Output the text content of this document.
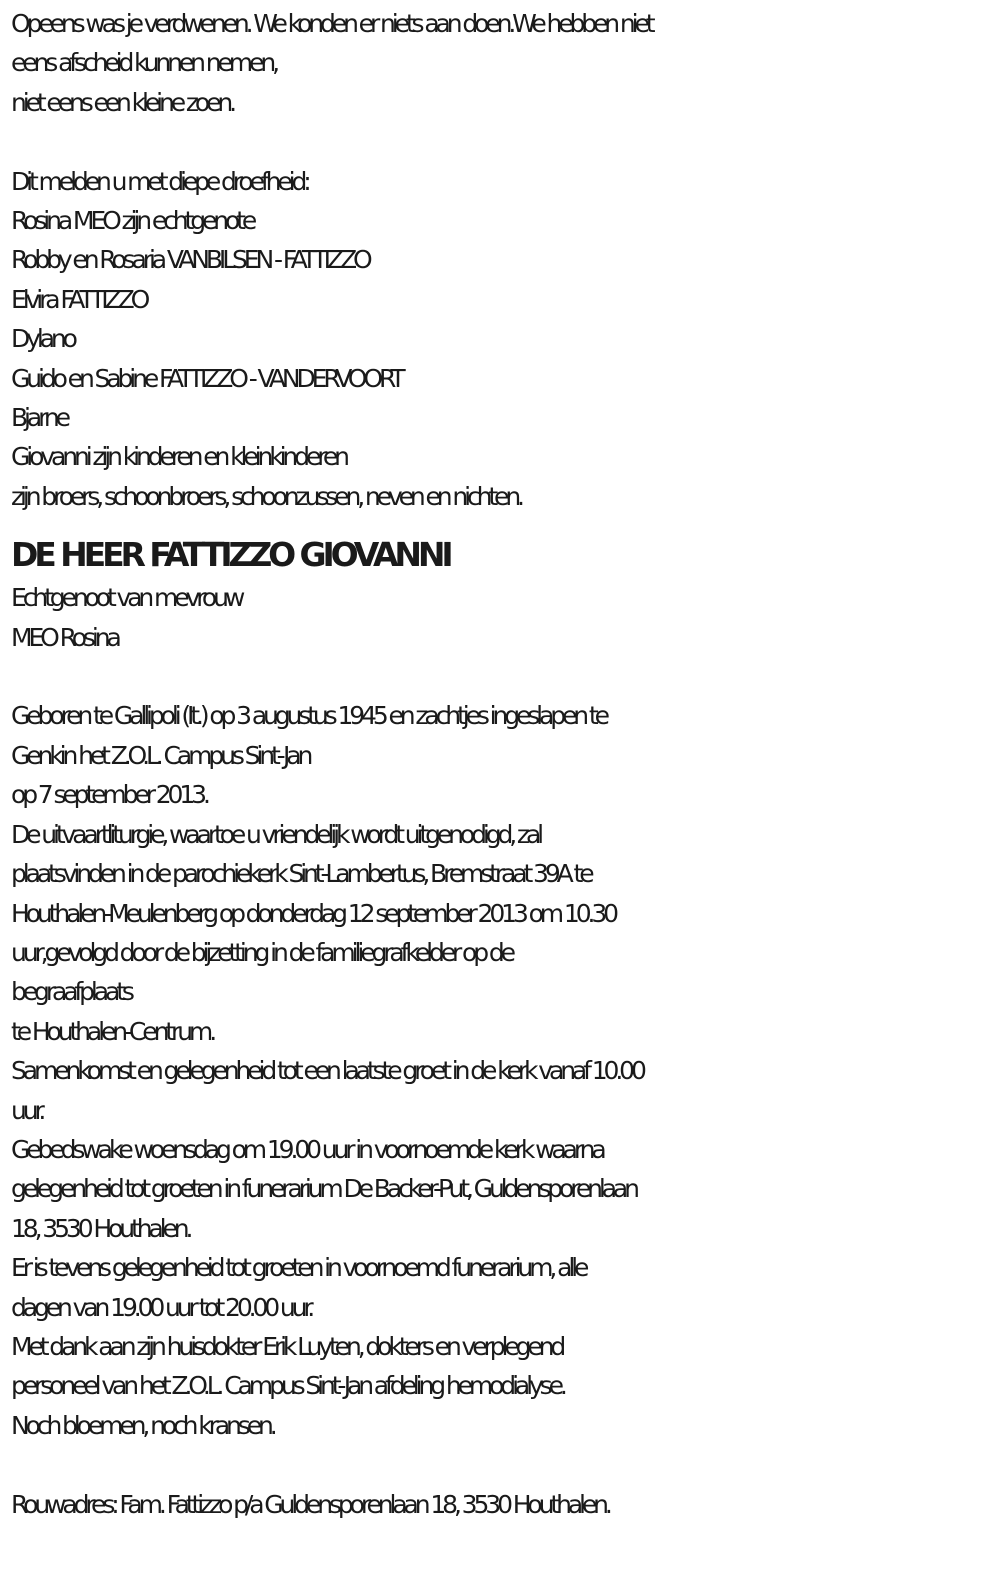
Opeens was je verdwenen. We konden er niets aan doen.We hebben niet
eens afscheid kunnen nemen,
niet eens een kleine zoen.
Dit melden u met diepe droefheid:
Rosina MEO zijn echtgenote
Robby en Rosaria VANBILSEN - FATTIZZO
Elvira FATTIZZO
Dylano
Guido en Sabine FATTIZZO - VANDERVOORT
Bjarne
Giovanni zijn kinderen en kleinkinderen
zijn broers, schoonbroers, schoonzussen, neven en nichten.
DE HEER FATTIZZO GIOVANNI
Echtgenoot van mevrouw
MEO Rosina
Geboren te Gallipoli (It.) op 3 augustus 1945 en zachtjes ingeslapen te
Genkin het Z.O.L. Campus Sint-Jan
op 7 september 2013.
De uitvaartliturgie, waartoe u vriendelijk wordt uitgenodigd, zal
plaatsvinden in de parochiekerk Sint-Lambertus, Bremstraat 39A te
Houthalen-Meulenberg op donderdag 12 september 2013 om 10.30
uur,gevolgd door de bijzetting in de familiegrafkelder op de
begraafplaats
te Houthalen-Centrum.
Samenkomst en gelegenheid tot een laatste groet in de kerk vanaf 10.00
uur.
Gebedswake woensdag om 19.00 uur in voornoemde kerk waarna
gelegenheid tot groeten in funerarium De Backer-Put, Guldensporenlaan
18, 3530 Houthalen.
Er is tevens gelegenheid tot groeten in voornoemd funerarium, alle
dagen van 19.00 uur tot 20.00 uur.
Met dank aan zijn huisdokter Erik Luyten, dokters en verplegend
personeel van het Z.O.L. Campus Sint-Jan afdeling hemodialyse.
Noch bloemen, noch kransen.
Rouwadres: Fam. Fattizzo p/a Guldensporenlaan 18, 3530 Houthalen.
